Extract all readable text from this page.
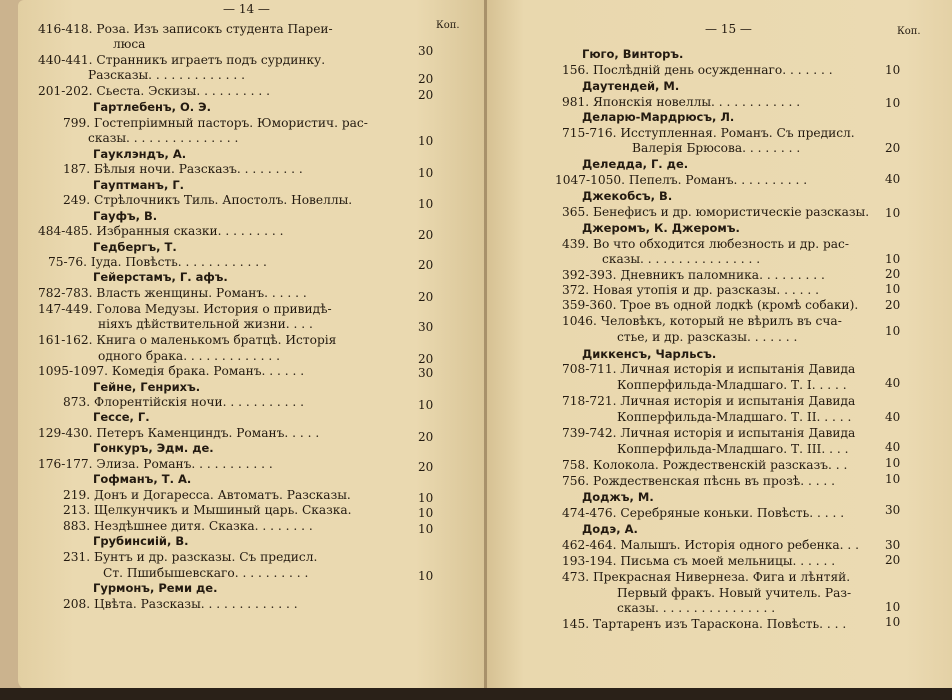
— 14 —
Коп.
416-418. Роза. Изъ записокъ студента Пареи-
люса
440-441. Странникъ играетъ подъ сурдинку.
Разсказы. . . . . . . . . . . . .
201-202. Сьеста. Эскизы. . . . . . . . . .
Гартлебенъ, О. Э.
799. Гостепріимный пасторъ. Юмористич. рас-
сказы. . . . . . . . . . . . . . .
Гауклэндъ, А.
187. Бѣлыя ночи. Разсказъ. . . . . . . . .
Гауптманъ, Г.
249. Стрѣлочникъ Тиль. Апостолъ. Новеллы.
Гауфъ, В.
484-485. Избранныя сказки. . . . . . . . .
Гедбергъ, Т.
75-76. Іуда. Повѣсть. . . . . . . . . . . .
Гейерстамъ, Г. афъ.
782-783. Власть женщины. Романъ. . . . . .
147-449. Голова Медузы. История о привидѣ-
ніяхъ дѣйствительной жизни. . . .
161-162. Книга о маленькомъ братцѣ. Исторія
одного брака. . . . . . . . . . . . .
1095-1097. Комедія брака. Романъ. . . . . .
Гейне, Генрихъ.
873. Флорентійскія ночи. . . . . . . . . . .
Гессе, Г.
129-430. Петеръ Каменциндъ. Романъ. . . . .
Гонкуръ, Эдм. де.
176-177. Элиза. Романъ. . . . . . . . . . .
Гофманъ, Т. А.
219. Донъ и Догаресса. Автоматъ. Разсказы.
213. Щелкунчикъ и Мышиный царь. Сказка.
883. Нездѣшнее дитя. Сказка. . . . . . . .
Грубинсиій, В.
231. Бунтъ и др. разсказы. Съ предисл.
Ст. Пшибышевскаго. . . . . . . . . .
Гурмонъ, Реми де.
208. Цвѣта. Разсказы. . . . . . . . . . . . .
30
20
20
10
10
10
20
20
20
30
20
30
10
20
20
10
10
10
10
— 15 —	Коп.
Гюго, Винторъ.
156. Послѣдній день осужденнаго. . . . . . .
Даутендей, М.
981. Японскія новеллы. . . . . . . . . . . .
Деларю-Мардрюсъ, Л.
715-716. Исступленная. Романъ. Съ предисл.
Валерія Брюсова. . . . . . . .
Деледда, Г. де.
1047-1050. Пепелъ. Романъ. . . . . . . . . .
Джекобсъ, В.
365. Бенефисъ и др. юмористическіе разсказы.
Джеромъ, К. Джеромъ.
439. Во что обходится любезность и др. рас-
сказы. . . . . . . . . . . . . . . .
392-393. Дневникъ паломника. . . . . . . . .
372. Новая утопія и др. разсказы. . . . . .
359-360. Трое въ одной лодкѣ (кромѣ собаки).
1046. Человѣкъ, который не вѣрилъ въ сча-
стье, и др. разсказы. . . . . . .
Диккенсъ, Чарльсъ.
708-711. Личная исторія и испытанія Давида
Копперфильда-Младшаго. Т. I. . . . .
718-721. Личная исторія и испытанія Давида
Копперфильда-Младшаго. Т. II. . . . .
739-742. Личная исторія и испытанія Давида
Копперфильда-Младшаго. Т. III. . . .
758. Колокола. Рождественскій разсказъ. . .
756. Рождественская пѣснь въ прозѣ. . . . .
Доджъ, М.
474-476. Серебряные коньки. Повѣсть. . . . .
Додэ, А.
462-464. Малышъ. Исторія одного ребенка. . .
193-194. Письма съ моей мельницы. . . . . .
473. Прекрасная Нивернеза. Фига и лѣнтяй.
Первый фракъ. Новый учитель. Раз-
сказы. . . . . . . . . . . . . . . .
145. Тартаренъ изъ Тараскона. Повѣсть. . . .
10
10
20
40
10
10
20
10
20
10
40
40
40
10
10
30
30
20
10
10
